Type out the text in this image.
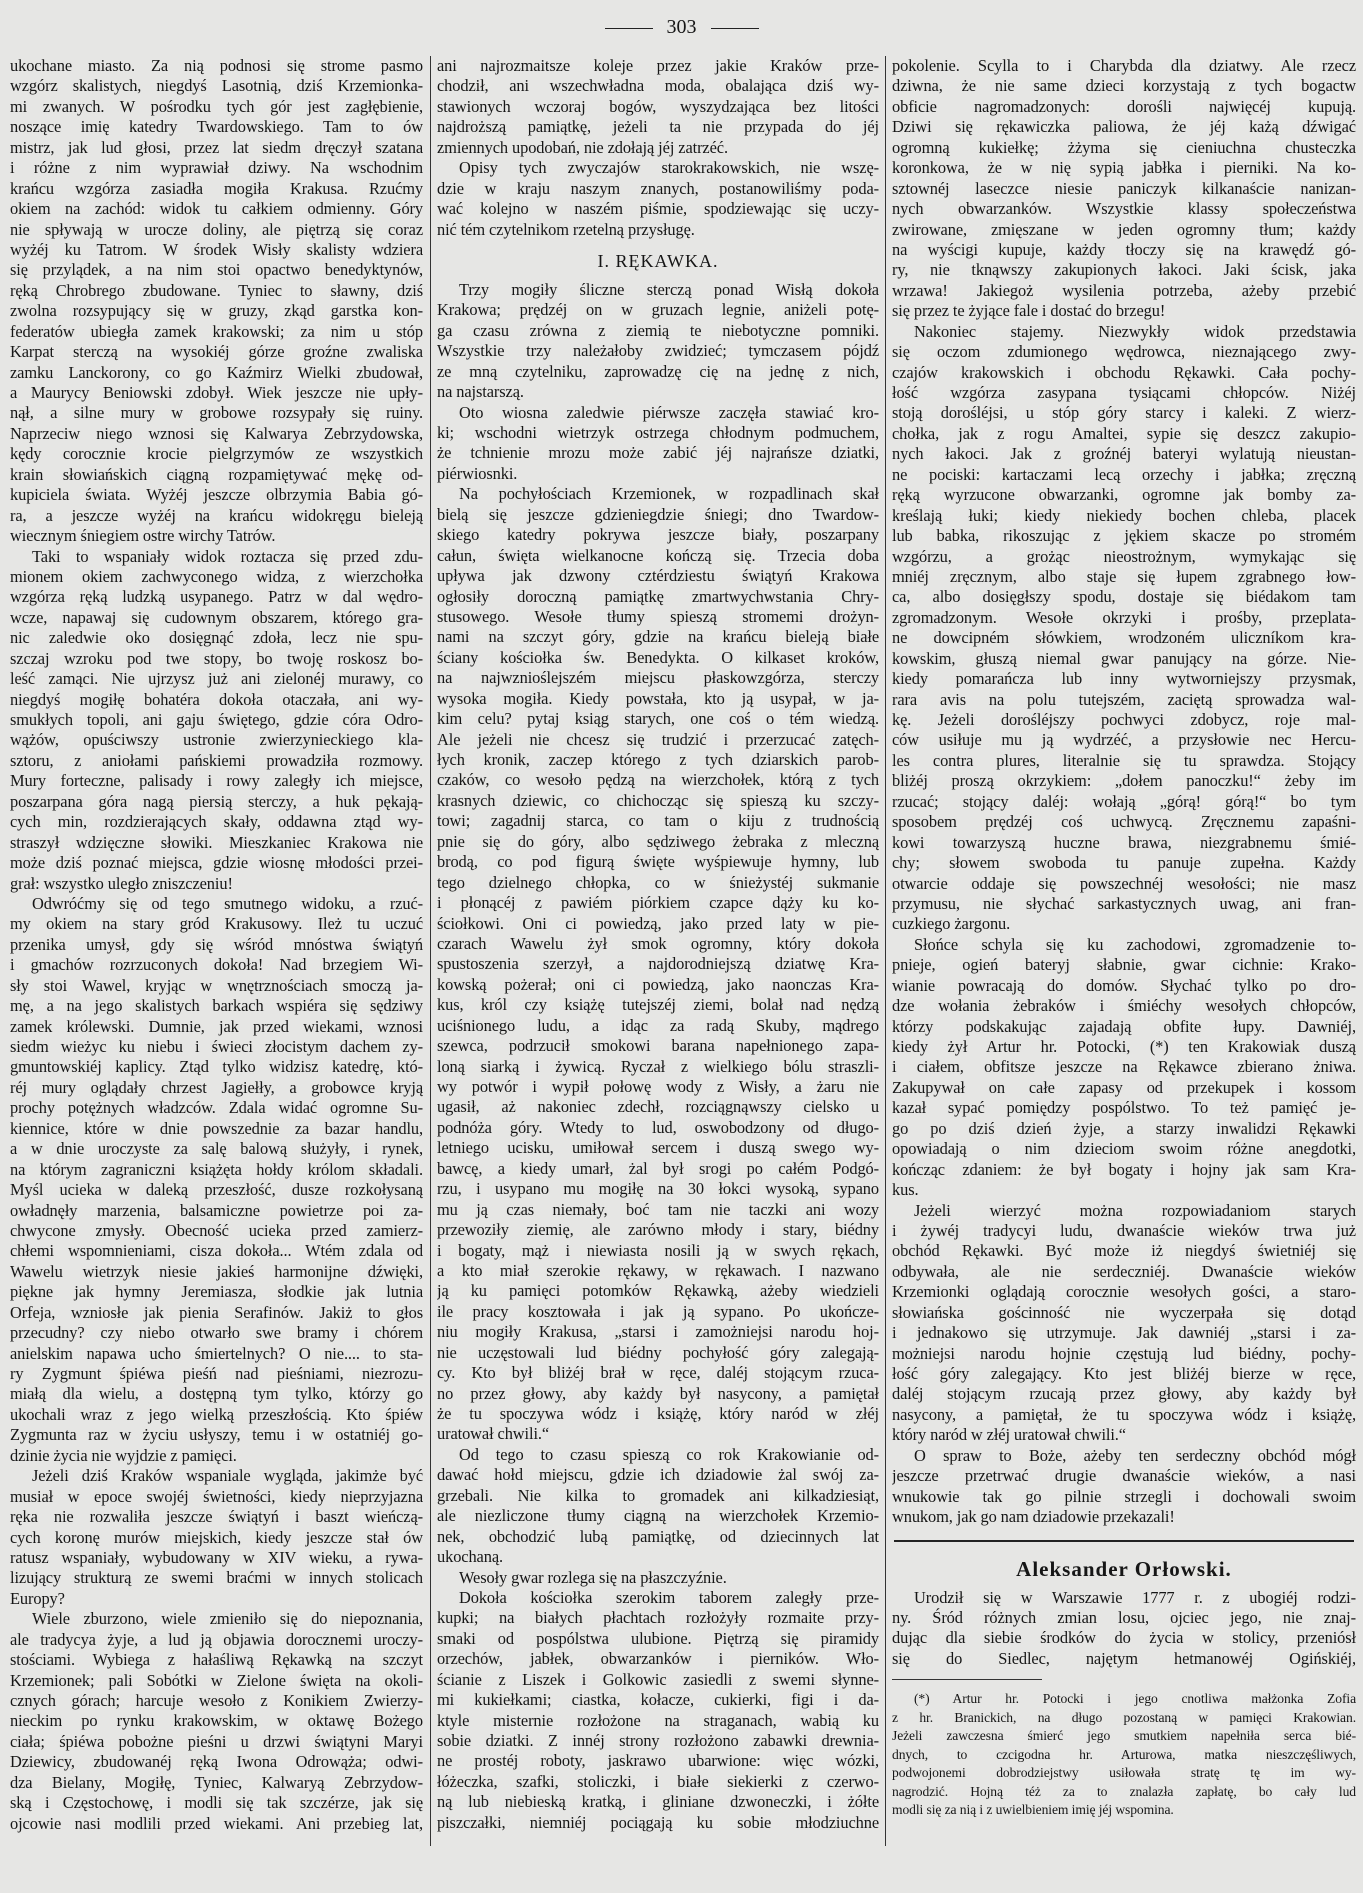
303
ukochane miasto. Za nią podnosi się strome pasmo
wzgórz skalistych, niegdyś Lasotnią, dziś Krzemionka-
mi zwanych. W pośrodku tych gór jest zagłębienie,
noszące imię katedry Twardowskiego. Tam to ów
mistrz, jak lud głosi, przez lat siedm dręczył szatana
i różne z nim wyprawiał dziwy. Na wschodnim
krańcu wzgórza zasiadła mogiła Krakusa. Rzućmy
okiem na zachód: widok tu całkiem odmienny. Góry
nie spływają w urocze doliny, ale piętrzą się coraz
wyżéj ku Tatrom. W środek Wisły skalisty wdziera
się przylądek, a na nim stoi opactwo benedyktynów,
ręką Chrobrego zbudowane. Tyniec to sławny, dziś
zwolna rozsypujący się w gruzy, zkąd garstka kon-
federatów ubiegła zamek krakowski; za nim u stóp
Karpat sterczą na wysokiéj górze groźne zwaliska
zamku Lanckorony, co go Kaźmirz Wielki zbudował,
a Maurycy Beniowski zdobył. Wiek jeszcze nie upły-
nął, a silne mury w grobowe rozsypały się ruiny.
Naprzeciw niego wznosi się Kalwarya Zebrzydowska,
kędy corocznie krocie pielgrzymów ze wszystkich
krain słowiańskich ciągną rozpamiętywać mękę od-
kupiciela świata. Wyżéj jeszcze olbrzymia Babia gó-
ra, a jeszcze wyżéj na krańcu widokręgu bieleją
wiecznym śniegiem ostre wirchy Tatrów.
Taki to wspaniały widok roztacza się przed zdu-
mionem okiem zachwyconego widza, z wierzchołka
wzgórza ręką ludzką usypanego. Patrz w dal wędro-
wcze, napawaj się cudownym obszarem, którego gra-
nic zaledwie oko dosięgnąć zdoła, lecz nie spu-
szczaj wzroku pod twe stopy, bo twoję roskosz bo-
leść zamąci. Nie ujrzysz już ani zielonéj murawy, co
niegdyś mogiłę bohatéra dokoła otaczała, ani wy-
smukłych topoli, ani gaju świętego, gdzie córa Odro-
wążów, opuściwszy ustronie zwierzynieckiego kla-
sztoru, z aniołami pańskiemi prowadziła rozmowy.
Mury forteczne, palisady i rowy zaległy ich miejsce,
poszarpana góra nagą piersią sterczy, a huk pękają-
cych min, rozdzierających skały, oddawna ztąd wy-
straszył wdzięczne słowiki. Mieszkaniec Krakowa nie
może dziś poznać miejsca, gdzie wiosnę młodości przei-
grał: wszystko uległo zniszczeniu!
Odwróćmy się od tego smutnego widoku, a rzuć-
my okiem na stary gród Krakusowy. Ileż tu uczuć
przenika umysł, gdy się wśród mnóstwa świątyń
i gmachów rozrzuconych dokoła! Nad brzegiem Wi-
sły stoi Wawel, kryjąc w wnętrznościach smoczą ja-
mę, a na jego skalistych barkach wspiéra się sędziwy
zamek królewski. Dumnie, jak przed wiekami, wznosi
siedm wieżyc ku niebu i świeci złocistym dachem zy-
gmuntowskiéj kaplicy. Ztąd tylko widzisz katedrę, któ-
réj mury oglądały chrzest Jagiełły, a grobowce kryją
prochy potężnych władzców. Zdala widać ogromne Su-
kiennice, które w dnie powszednie za bazar handlu,
a w dnie uroczyste za salę balową służyły, i rynek,
na którym zagraniczni książęta hołdy królom składali.
Myśl ucieka w daleką przeszłość, dusze rozkołysaną
owładnęły marzenia, balsamiczne powietrze poi za-
chwycone zmysły. Obecność ucieka przed zamierz-
chłemi wspomnieniami, cisza dokoła... Wtém zdala od
Wawelu wietrzyk niesie jakieś harmonijne dźwięki,
piękne jak hymny Jeremiasza, słodkie jak lutnia
Orfeja, wzniosłe jak pienia Serafinów. Jakiż to głos
przecudny? czy niebo otwarło swe bramy i chórem
anielskim napawa ucho śmiertelnych? O nie.... to sta-
ry Zygmunt śpiéwa pieśń nad pieśniami, niezrozu-
miałą dla wielu, a dostępną tym tylko, którzy go
ukochali wraz z jego wielką przeszłością. Kto śpiéw
Zygmunta raz w życiu usłyszy, temu i w ostatniéj go-
dzinie życia nie wyjdzie z pamięci.
Jeżeli dziś Kraków wspaniale wygląda, jakimże być
musiał w epoce swojéj świetności, kiedy nieprzyjazna
ręka nie rozwaliła jeszcze świątyń i baszt wieńczą-
cych koronę murów miejskich, kiedy jeszcze stał ów
ratusz wspaniały, wybudowany w XIV wieku, a rywa-
lizujący strukturą ze swemi braćmi w innych stolicach
Europy?
Wiele zburzono, wiele zmieniło się do niepoznania,
ale tradycya żyje, a lud ją objawia dorocznemi uroczy-
stościami. Wybiega z hałaśliwą Rękawką na szczyt
Krzemionek; pali Sobótki w Zielone święta na okoli-
cznych górach; harcuje wesoło z Konikiem Zwierzy-
nieckim po rynku krakowskim, w oktawę Bożego
ciała; śpiéwa pobożne pieśni u drzwi świątyni Maryi
Dziewicy, zbudowanéj ręką Iwona Odrowąża; odwi-
dza Bielany, Mogiłę, Tyniec, Kalwaryą Zebrzydow-
ską i Częstochowę, i modli się tak szczérze, jak się
ojcowie nasi modlili przed wiekami. Ani przebieg lat,
ani najrozmaitsze koleje przez jakie Kraków prze-
chodził, ani wszechwładna moda, obalająca dziś wy-
stawionych wczoraj bogów, wyszydzająca bez litości
najdroższą pamiątkę, jeżeli ta nie przypada do jéj
zmiennych upodobań, nie zdołają jéj zatrzéć.
Opisy tych zwyczajów starokrakowskich, nie wszę-
dzie w kraju naszym znanych, postanowiliśmy poda-
wać kolejno w naszém piśmie, spodziewając się uczy-
nić tém czytelnikom rzetelną przysługę.
I. RĘKAWKA.
Trzy mogiły śliczne sterczą ponad Wisłą dokoła
Krakowa; prędzéj on w gruzach legnie, aniżeli potę-
ga czasu zrówna z ziemią te niebotyczne pomniki.
Wszystkie trzy należałoby zwidzieć; tymczasem pójdź
ze mną czytelniku, zaprowadzę cię na jednę z nich,
na najstarszą.
Oto wiosna zaledwie piérwsze zaczęła stawiać kro-
ki; wschodni wietrzyk ostrzega chłodnym podmuchem,
że tchnienie mrozu może zabić jéj najrańsze dziatki,
piérwiosnki.
Na pochyłościach Krzemionek, w rozpadlinach skał
bielą się jeszcze gdzieniegdzie śniegi; dno Twardow-
skiego katedry pokrywa jeszcze biały, poszarpany
całun, święta wielkanocne kończą się. Trzecia doba
upływa jak dzwony cztérdziestu świątyń Krakowa
ogłosiły doroczną pamiątkę zmartwychwstania Chry-
stusowego. Wesołe tłumy spieszą stromemi drożyn-
nami na szczyt góry, gdzie na krańcu bieleją białe
ściany kościołka św. Benedykta. O kilkaset kroków,
na najwznioślejszém miejscu płaskowzgórza, sterczy
wysoka mogiła. Kiedy powstała, kto ją usypał, w ja-
kim celu? pytaj ksiąg starych, one coś o tém wiedzą.
Ale jeżeli nie chcesz się trudzić i przerzucać zatęch-
łych kronik, zaczep którego z tych dziarskich parob-
czaków, co wesoło pędzą na wierzchołek, którą z tych
krasnych dziewic, co chichocząc się spieszą ku szczy-
towi; zagadnij starca, co tam o kiju z trudnością
pnie się do góry, albo sędziwego żebraka z mleczną
brodą, co pod figurą święte wyśpiewuje hymny, lub
tego dzielnego chłopka, co w śnieżystéj sukmanie
i płonącéj z pawiém piórkiem czapce dąży ku ko-
ściołkowi. Oni ci powiedzą, jako przed laty w pie-
czarach Wawelu żył smok ogromny, który dokoła
spustoszenia szerzył, a najdorodniejszą dziatwę Kra-
kowską pożerał; oni ci powiedzą, jako naonczas Kra-
kus, król czy książę tutejszéj ziemi, bolał nad nędzą
uciśnionego ludu, a idąc za radą Skuby, mądrego
szewca, podrzucił smokowi barana napełnionego zapa-
loną siarką i żywicą. Ryczał z wielkiego bólu straszli-
wy potwór i wypił połowę wody z Wisły, a żaru nie
ugasił, aż nakoniec zdechł, rozciągnąwszy cielsko u
podnóża góry. Wtedy to lud, oswobodzony od długo-
letniego ucisku, umiłował sercem i duszą swego wy-
bawcę, a kiedy umarł, żal był srogi po całém Podgó-
rzu, i usypano mu mogiłę na 30 łokci wysoką, sypano
mu ją czas niemały, boć tam nie taczki ani wozy
przewoziły ziemię, ale zarówno młody i stary, biédny
i bogaty, mąż i niewiasta nosili ją w swych rękach,
a kto miał szerokie rękawy, w rękawach. I nazwano
ją ku pamięci potomków Rękawką, ażeby wiedzieli
ile pracy kosztowała i jak ją sypano. Po ukończe-
niu mogiły Krakusa, „starsi i zamożniejsi narodu hoj-
nie uczęstowali lud biédny pochyłość góry zalegają-
cy. Kto był bliżéj brał w ręce, daléj stojącym rzuca-
no przez głowy, aby każdy był nasycony, a pamiętał
że tu spoczywa wódz i książę, który naród w złéj
uratował chwili.“
Od tego to czasu spieszą co rok Krakowianie od-
dawać hołd miejscu, gdzie ich dziadowie żal swój za-
grzebali. Nie kilka to gromadek ani kilkadziesiąt,
ale niezliczone tłumy ciągną na wierzchołek Krzemio-
nek, obchodzić lubą pamiątkę, od dziecinnych lat
ukochaną.
Wesoły gwar rozlega się na płaszczyźnie.
Dokoła kościołka szerokim taborem zaległy prze-
kupki; na białych płachtach rozłożyły rozmaite przy-
smaki od pospólstwa ulubione. Piętrzą się piramidy
orzechów, jabłek, obwarzanków i pierników. Wło-
ścianie z Liszek i Golkowic zasiedli z swemi słynne-
mi kukiełkami; ciastka, kołacze, cukierki, figi i da-
ktyle misternie rozłożone na straganach, wabią ku
sobie dziatki. Z innéj strony rozłożono zabawki drewnia-
ne prostéj roboty, jaskrawo ubarwione: więc wózki,
łóżeczka, szafki, stoliczki, i białe siekierki z czerwo-
ną lub niebieską kratką, i gliniane dzwoneczki, i żółte
piszczałki, niemniéj pociągają ku sobie młodziuchne
pokolenie. Scylla to i Charybda dla dziatwy. Ale rzecz
dziwna, że nie same dzieci korzystają z tych bogactw
obficie nagromadzonych: dorośli najwięcéj kupują.
Dziwi się rękawiczka paliowa, że jéj każą dźwigać
ogromną kukiełkę; żżyma się cieniuchna chusteczka
koronkowa, że w nię sypią jabłka i pierniki. Na ko-
sztownéj laseczce niesie paniczyk kilkanaście nanizan-
nych obwarzanków. Wszystkie klassy społeczeństwa
zwirowane, zmięszane w jeden ogromny tłum; każdy
na wyścigi kupuje, każdy tłoczy się na krawędź gó-
ry, nie tknąwszy zakupionych łakoci. Jaki ścisk, jaka
wrzawa! Jakiegoż wysilenia potrzeba, ażeby przebić
się przez te żyjące fale i dostać do brzegu!
Nakoniec stajemy. Niezwykły widok przedstawia
się oczom zdumionego wędrowca, nieznającego zwy-
czajów krakowskich i obchodu Rękawki. Cała pochy-
łość wzgórza zasypana tysiącami chłopców. Niżéj
stoją dorośléjsi, u stóp góry starcy i kaleki. Z wierz-
chołka, jak z rogu Amaltei, sypie się deszcz zakupio-
nych łakoci. Jak z groźnéj bateryi wylatują nieustan-
ne pociski: kartaczami lecą orzechy i jabłka; zręczną
ręką wyrzucone obwarzanki, ogromne jak bomby za-
kreślają łuki; kiedy niekiedy bochen chleba, placek
lub babka, rikoszując z jękiem skacze po stromém
wzgórzu, a grożąc nieostrożnym, wymykając się
mniéj zręcznym, albo staje się łupem zgrabnego łow-
ca, albo dosięgłszy spodu, dostaje się biédakom tam
zgromadzonym. Wesołe okrzyki i prośby, przeplata-
ne dowcipném słówkiem, wrodzoném uliczníkom kra-
kowskim, głuszą niemal gwar panujący na górze. Nie-
kiedy pomarańcza lub inny wytworniejszy przysmak,
rara avis na polu tutejszém, zaciętą sprowadza wal-
kę. Jeżeli dorośléjszy pochwyci zdobycz, roje mal-
ców usiłuje mu ją wydrzéć, a przysłowie nec Hercu-
les contra plures, literalnie się tu sprawdza. Stojący
bliżéj proszą okrzykiem: „dołem panoczku!“ żeby im
rzucać; stojący daléj: wołają „górą! górą!“ bo tym
sposobem prędzéj coś uchwycą. Zręcznemu zapaśni-
kowi towarzyszą huczne brawa, niezgrabnemu śmié-
chy; słowem swoboda tu panuje zupełna. Każdy
otwarcie oddaje się powszechnéj wesołości; nie masz
przymusu, nie słychać sarkastycznych uwag, ani fran-
cuzkiego żargonu.
Słońce schyla się ku zachodowi, zgromadzenie to-
pnieje, ogień bateryj słabnie, gwar cichnie: Krako-
wianie powracają do domów. Słychać tylko po dro-
dze wołania żebraków i śmiéchy wesołych chłopców,
którzy podskakując zajadają obfite łupy. Dawniéj,
kiedy żył Artur hr. Potocki, (*) ten Krakowiak duszą
i ciałem, obfitsze jeszcze na Rękawce zbierano żniwa.
Zakupywał on całe zapasy od przekupek i kossom
kazał sypać pomiędzy pospólstwo. To też pamięć je-
go po dziś dzień żyje, a starzy inwalidzi Rękawki
opowiadają o nim dzieciom swoim różne anegdotki,
kończąc zdaniem: że był bogaty i hojny jak sam Kra-
kus.
Jeżeli wierzyć można rozpowiadaniom starych
i żywéj tradycyi ludu, dwanaście wieków trwa już
obchód Rękawki. Być może iż niegdyś świetniéj się
odbywała, ale nie serdeczniéj. Dwanaście wieków
Krzemionki oglądają corocznie wesołych gości, a staro-
słowiańska gościnność nie wyczerpała się dotąd
i jednakowo się utrzymuje. Jak dawniéj „starsi i za-
możniejsi narodu hojnie częstują lud biédny, pochy-
łość góry zalegający. Kto jest bliżéj bierze w ręce,
daléj stojącym rzucają przez głowy, aby każdy był
nasycony, a pamiętał, że tu spoczywa wódz i książę,
który naród w złéj uratował chwili.“
O spraw to Boże, ażeby ten serdeczny obchód mógł
jeszcze przetrwać drugie dwanaście wieków, a nasi
wnukowie tak go pilnie strzegli i dochowali swoim
wnukom, jak go nam dziadowie przekazali!
Aleksander Orłowski.
Urodził się w Warszawie 1777 r. z ubogiéj rodzi-
ny. Śród różnych zmian losu, ojciec jego, nie znaj-
dując dla siebie środków do życia w stolicy, przeniósł
się do Siedlec, najętym hetmanowéj Ogińskiéj,
(*) Artur hr. Potocki i jego cnotliwa małżonka Zofia
z hr. Branickich, na długo pozostaną w pamięci Krakowian.
Jeżeli zawczesna śmierć jego smutkiem napełniła serca bié-
dnych, to czcigodna hr. Arturowa, matka nieszczęśliwych,
podwojonemi dobrodziejstwy usiłowała stratę tę im wy-
nagrodzić. Hojną téż za to znalazła zapłatę, bo cały lud
modli się za nią i z uwielbieniem imię jéj wspomina.
